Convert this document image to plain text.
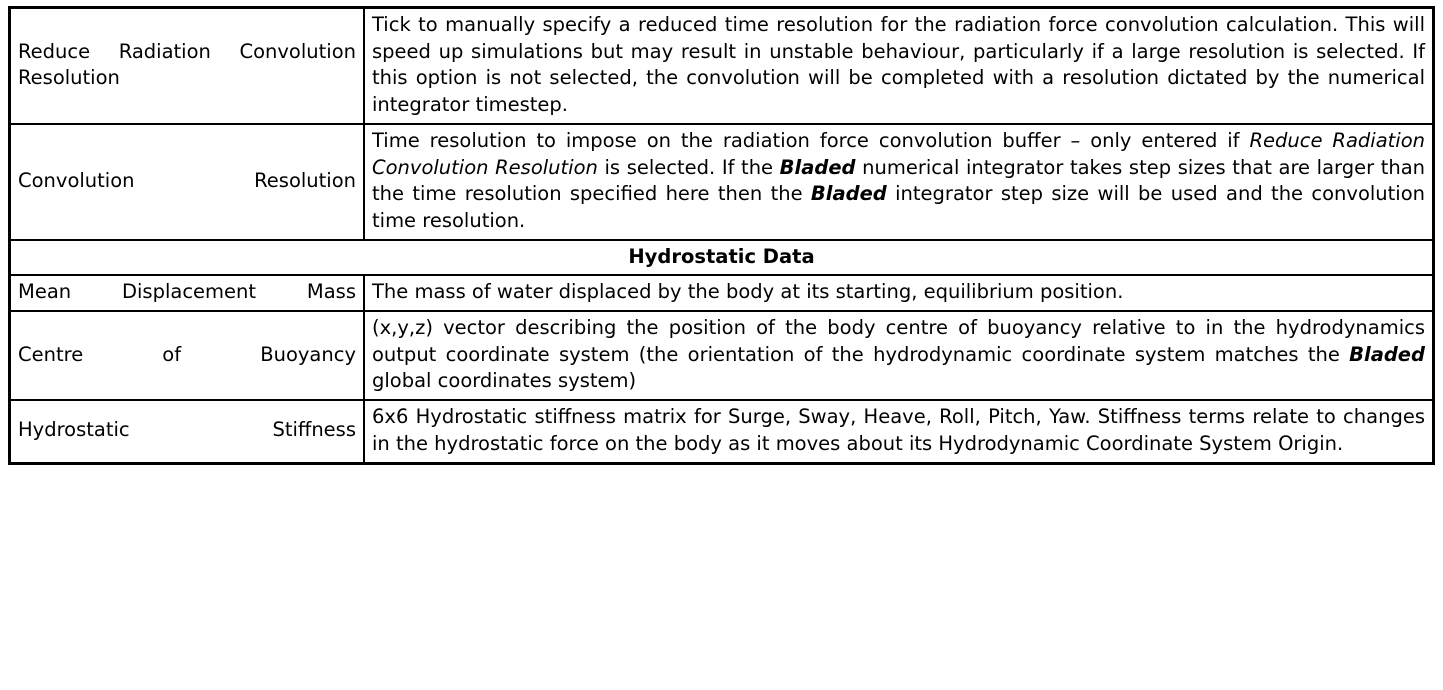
Reduce Radiation Convolution Resolution	Tick to manually specify a reduced time resolution for the radiation force convolution calculation. This will speed up simulations but may result in unstable behaviour, particularly if a large resolution is selected. If this option is not selected, the convolution will be completed with a resolution dictated by the numerical integrator timestep.

Convolution Resolution	Time resolution to impose on the radiation force convolution buffer – only entered if Reduce Radiation Convolution Resolution is selected. If the Bladed numerical integrator takes step sizes that are larger than the time resolution specified here then the Bladed integrator step size will be used and the convolution time resolution.
Hydrostatic Data	

Mean Displacement Mass	The mass of water displaced by the body at its starting, equilibrium position.

Centre of Buoyancy	(x,y,z) vector describing the position of the body centre of buoyancy relative to in the hydrodynamics output coordinate system (the orientation of the hydrodynamic coordinate system matches the Bladed global coordinates system)

Hydrostatic Stiffness	6x6 Hydrostatic stiffness matrix for Surge, Sway, Heave, Roll, Pitch, Yaw. Stiffness terms relate to changes in the hydrostatic force on the body as it moves about its Hydrodynamic Coordinate System Origin.
